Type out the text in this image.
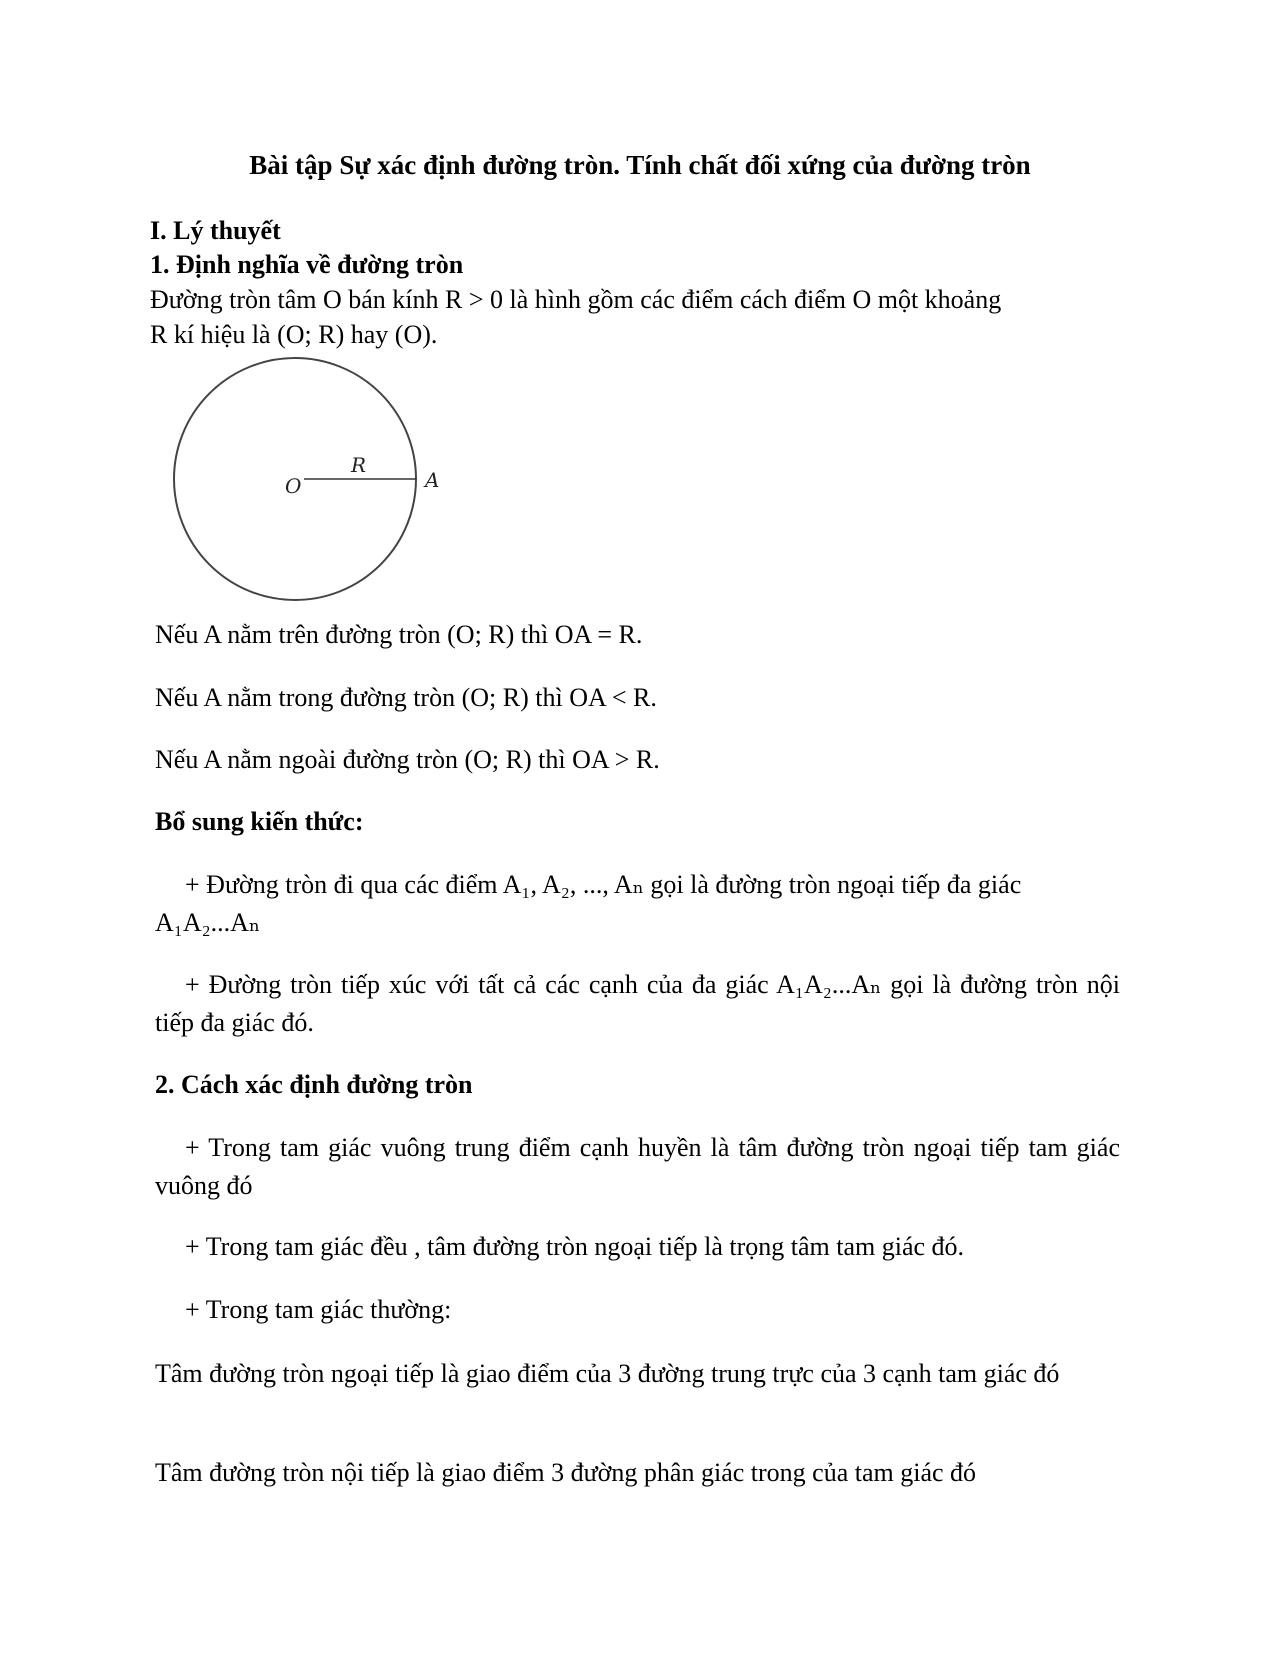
Bài tập Sự xác định đường tròn. Tính chất đối xứng của đường tròn
I. Lý thuyết
1. Định nghĩa về đường tròn
Đường tròn tâm O bán kính R > 0 là hình gồm các điểm cách điểm O một khoảng
R kí hiệu là (O; R) hay (O).
O
R
A
Nếu A nằm trên đường tròn (O; R) thì OA = R.
Nếu A nằm trong đường tròn (O; R) thì OA < R.
Nếu A nằm ngoài đường tròn (O; R) thì OA > R.
Bổ sung kiến thức:
+ Đường tròn đi qua các điểm A₁, A₂, ..., Aₙ gọi là đường tròn ngoại tiếp đa giác
A₁A₂...Aₙ
+ Đường tròn tiếp xúc với tất cả các cạnh của đa giác A₁A₂...Aₙ gọi là đường tròn nội tiếp đa giác đó.
2. Cách xác định đường tròn
+ Trong tam giác vuông trung điểm cạnh huyền là tâm đường tròn ngoại tiếp tam giác vuông đó
+ Trong tam giác đều , tâm đường tròn ngoại tiếp là trọng tâm tam giác đó.
+ Trong tam giác thường:
Tâm đường tròn ngoại tiếp là giao điểm của 3 đường trung trực của 3 cạnh tam giác đó
Tâm đường tròn nội tiếp là giao điểm 3 đường phân giác trong của tam giác đó
